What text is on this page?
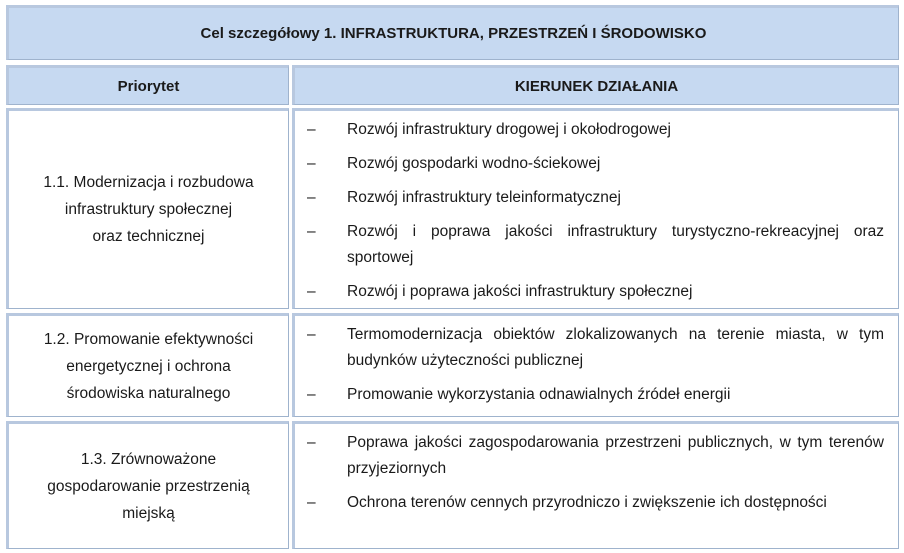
Cel szczegółowy 1. INFRASTRUKTURA, PRZESTRZEŃ I ŚRODOWISKO
Priorytet	KIERUNEK DZIAŁANIA
1.1. Modernizacja i rozbudowa
infrastruktury społecznej
oraz technicznej
–	Rozwój infrastruktury drogowej i okołodrogowej
–	Rozwój gospodarki wodno-ściekowej
–	Rozwój infrastruktury teleinformatycznej
–	Rozwój i poprawa jakości infrastruktury turystyczno-rekreacyjnej oraz sportowej
–	Rozwój i poprawa jakości infrastruktury społecznej
1.2. Promowanie efektywności
energetycznej i ochrona
środowiska naturalnego
–	Termomodernizacja obiektów zlokalizowanych na terenie miasta, w tym budynków użyteczności publicznej
–	Promowanie wykorzystania odnawialnych źródeł energii
1.3. Zrównoważone
gospodarowanie przestrzenią
miejską
–	Poprawa jakości zagospodarowania przestrzeni publicznych, w tym terenów przyjeziornych
–	Ochrona terenów cennych przyrodniczo i zwiększenie ich dostępności
